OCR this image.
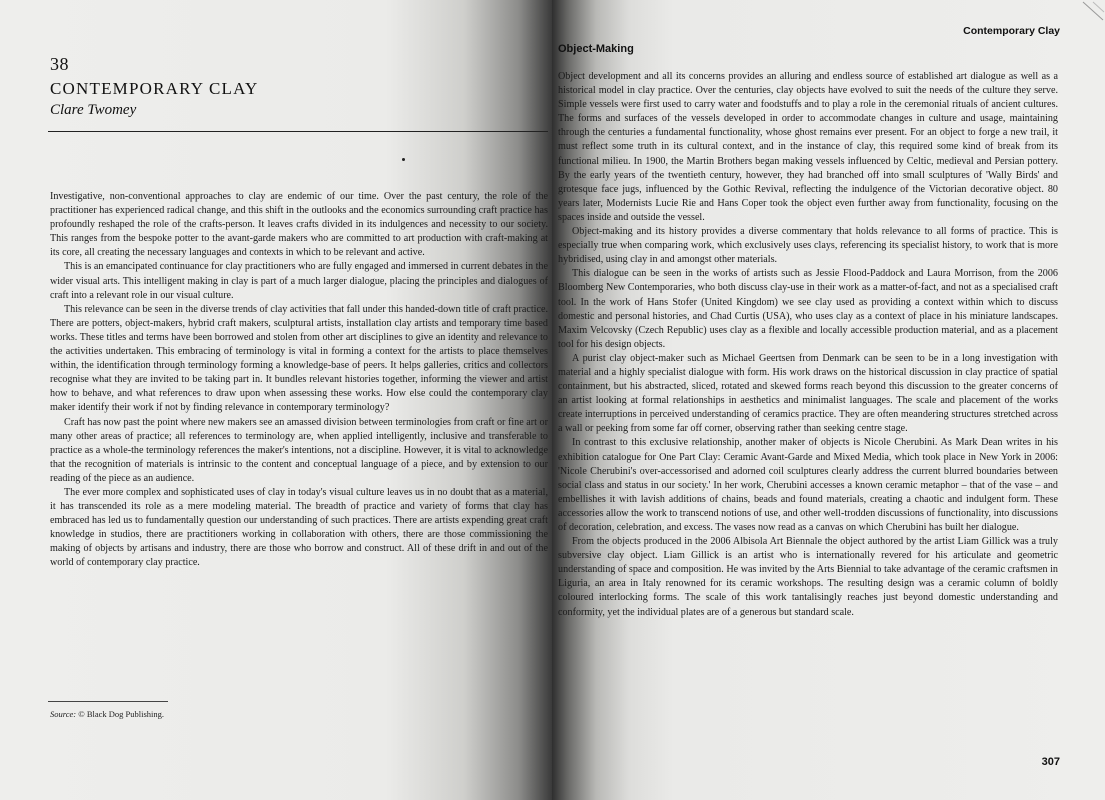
38
CONTEMPORARY CLAY
Clare Twomey

Investigative, non-conventional approaches to clay are endemic of our time. Over the past century, the role of the practitioner has experienced radical change, and this shift in the outlooks and the economics surrounding craft practice has profoundly reshaped the role of the crafts-person. It leaves crafts divided in its indulgences and necessity to our society. This ranges from the bespoke potter to the avant-garde makers who are committed to art production with craft-making at its core, all creating the necessary languages and contexts in which to be relevant and active.

This is an emancipated continuance for clay practitioners who are fully engaged and immersed in current debates in the wider visual arts. This intelligent making in clay is part of a much larger dialogue, placing the principles and dialogues of craft into a relevant role in our visual culture.

This relevance can be seen in the diverse trends of clay activities that fall under this handed-down title of craft practice. There are potters, object-makers, hybrid craft makers, sculptural artists, installation clay artists and temporary time based works. These titles and terms have been borrowed and stolen from other art disciplines to give an identity and relevance to the activities undertaken. This embracing of terminology is vital in forming a context for the artists to place themselves within, the identification through terminology forming a knowledge-base of peers. It helps galleries, critics and collectors recognise what they are invited to be taking part in. It bundles relevant histories together, informing the viewer and artist how to behave, and what references to draw upon when assessing these works. How else could the contemporary clay maker identify their work if not by finding relevance in contemporary terminology?

Craft has now past the point where new makers see an amassed division between terminologies from craft or fine art or many other areas of practice; all references to terminology are, when applied intelligently, inclusive and transferable to practice as a whole-the terminology references the maker's intentions, not a discipline. However, it is vital to acknowledge that the recognition of materials is intrinsic to the content and conceptual language of a piece, and by extension to our reading of the piece as an audience.

The ever more complex and sophisticated uses of clay in today's visual culture leaves us in no doubt that as a material, it has transcended its role as a mere modeling material. The breadth of practice and variety of forms that clay has embraced has led us to fundamentally question our understanding of such practices. There are artists expending great craft knowledge in studios, there are practitioners working in collaboration with others, there are those commissioning the making of objects by artisans and industry, there are those who borrow and construct. All of these drift in and out of the world of contemporary clay practice.

Source: © Black Dog Publishing.
Contemporary Clay
Object-Making

Object development and all its concerns provides an alluring and endless source of established art dialogue as well as a historical model in clay practice. Over the centuries, clay objects have evolved to suit the needs of the culture they serve. Simple vessels were first used to carry water and foodstuffs and to play a role in the ceremonial rituals of ancient cultures. The forms and surfaces of the vessels developed in order to accommodate changes in culture and usage, maintaining through the centuries a fundamental functionality, whose ghost remains ever present. For an object to forge a new trail, it must reflect some truth in its cultural context, and in the instance of clay, this required some kind of break from its functional milieu. In 1900, the Martin Brothers began making vessels influenced by Celtic, medieval and Persian pottery. By the early years of the twentieth century, however, they had branched off into small sculptures of 'Wally Birds' and grotesque face jugs, influenced by the Gothic Revival, reflecting the indulgence of the Victorian decorative object. 80 years later, Modernists Lucie Rie and Hans Coper took the object even further away from functionality, focusing on the spaces inside and outside the vessel.

Object-making and its history provides a diverse commentary that holds relevance to all forms of practice. This is especially true when comparing work, which exclusively uses clays, referencing its specialist history, to work that is more hybridised, using clay in and amongst other materials.

This dialogue can be seen in the works of artists such as Jessie Flood-Paddock and Laura Morrison, from the 2006 Bloomberg New Contemporaries, who both discuss clay-use in their work as a matter-of-fact, and not as a specialised craft tool. In the work of Hans Stofer (United Kingdom) we see clay used as providing a context within which to discuss domestic and personal histories, and Chad Curtis (USA), who uses clay as a context of place in his miniature landscapes. Maxim Velcovsky (Czech Republic) uses clay as a flexible and locally accessible production material, and as a placement tool for his design objects.

A purist clay object-maker such as Michael Geertsen from Denmark can be seen to be in a long investigation with material and a highly specialist dialogue with form. His work draws on the historical discussion in clay practice of spatial containment, but his abstracted, sliced, rotated and skewed forms reach beyond this discussion to the greater concerns of an artist looking at formal relationships in aesthetics and minimalist languages. The scale and placement of the works create interruptions in perceived understanding of ceramics practice. They are often meandering structures stretched across a wall or peeking from some far off corner, observing rather than seeking centre stage.

In contrast to this exclusive relationship, another maker of objects is Nicole Cherubini. As Mark Dean writes in his exhibition catalogue for One Part Clay: Ceramic Avant-Garde and Mixed Media, which took place in New York in 2006: 'Nicole Cherubini's over-accessorised and adorned coil sculptures clearly address the current blurred boundaries between social class and status in our society.' In her work, Cherubini accesses a known ceramic metaphor – that of the vase – and embellishes it with lavish additions of chains, beads and found materials, creating a chaotic and indulgent form. These accessories allow the work to transcend notions of use, and other well-trodden discussions of functionality, into discussions of decoration, celebration, and excess. The vases now read as a canvas on which Cherubini has built her dialogue.

From the objects produced in the 2006 Albisola Art Biennale the object authored by the artist Liam Gillick was a truly subversive clay object. Liam Gillick is an artist who is internationally revered for his articulate and geometric understanding of space and composition. He was invited by the Arts Biennial to take advantage of the ceramic craftsmen in Liguria, an area in Italy renowned for its ceramic workshops. The resulting design was a ceramic column of boldly coloured interlocking forms. The scale of this work tantalisingly reaches just beyond domestic understanding and conformity, yet the individual plates are of a generous but standard scale.

307
